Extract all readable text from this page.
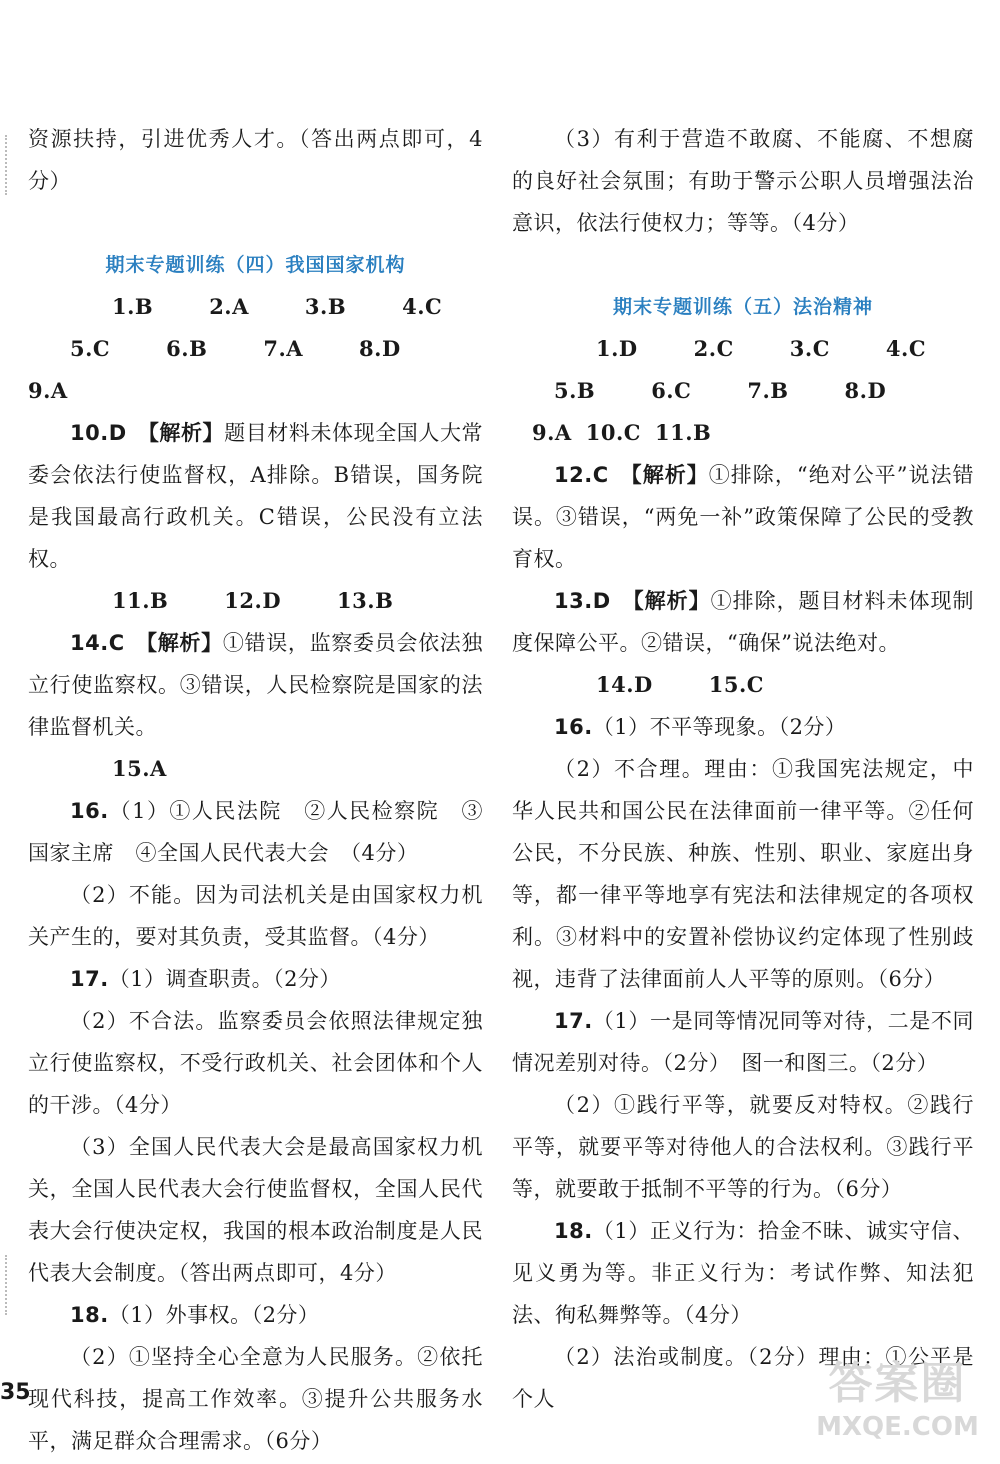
资源扶持，引进优秀人才。（答出两点即可，4分）

期末专题训练（四）我国国家机构

1.B	2.A	3.B	4.C5.C	6.B	7.A	8.D

9.A

10.D　 【解析】题目材料未体现全国人大常委会依法行使监督权，A排除。B错误，国务院是我国最高行政机关。C错误，公民没有立法权。

11.B	12.D	13.B

14.C　 【解析】①错误，监察委员会依法独立行使监察权。③错误，人民检察院是国家的法律监督机关。

15.A

16.（1）①人民法院　②人民检察院　③国家主席　④全国人民代表大会　（4分）

（2）不能。因为司法机关是由国家权力机关产生的，要对其负责，受其监督。（4分）

17.（1）调查职责。（2分）

（2）不合法。监察委员会依照法律规定独立行使监察权，不受行政机关、社会团体和个人的干涉。（4分）

（3）全国人民代表大会是最高国家权力机关，全国人民代表大会行使监督权，全国人民代表大会行使决定权，我国的根本政治制度是人民代表大会制度。（答出两点即可，4分）

18.（1）外事权。（2分）

（2）①坚持全心全意为人民服务。②依托现代科技，提高工作效率。③提升公共服务水平，满足群众合理需求。（6分）

（3）有利于营造不敢腐、不能腐、不想腐的良好社会氛围；有助于警示公职人员增强法治意识，依法行使权力；等等。（4分）

期末专题训练（五）法治精神

1.D	2.C	3.C	4.C5.B	6.C	7.B	8.D

9.A 10.C 11.B

12.C　 【解析】①排除，“绝对公平”说法错误。③错误，“两免一补”政策保障了公民的受教育权。

13.D　 【解析】①排除，题目材料未体现制度保障公平。②错误，“确保”说法绝对。

14.D	15.C

16.（1）不平等现象。（2分）

（2）不合理。理由：①我国宪法规定，中华人民共和国公民在法律面前一律平等。②任何公民，不分民族、种族、性别、职业、家庭出身等，都一律平等地享有宪法和法律规定的各项权利。③材料中的安置补偿协议约定体现了性别歧视，违背了法律面前人人平等的原则。（6分）

17.（1）一是同等情况同等对待，二是不同情况差别对待。（2分）　图一和图三。（2分）

（2）①践行平等，就要反对特权。②践行平等，就要平等对待他人的合法权利。③践行平等，就要敢于抵制不平等的行为。（6分）

18.（1）正义行为：拾金不昧、诚实守信、见义勇为等。非正义行为：考试作弊、知法犯法、徇私舞弊等。（4分）

（2）法治或制度。（2分）理由：①公平是个人

35	答案圈
MXQE.COM
